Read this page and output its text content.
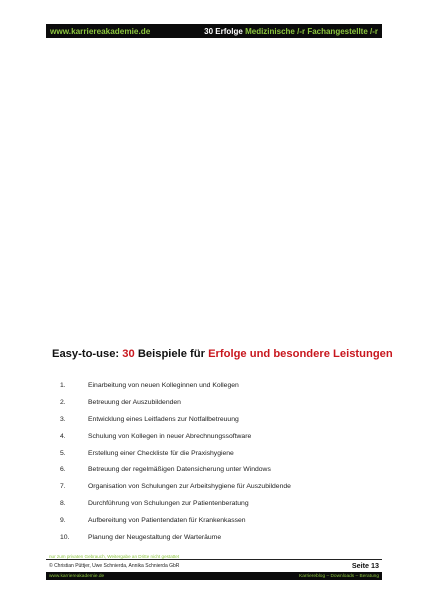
www.karriereakademie.de	30 Erfolge Medizinische /-r Fachangestellte /-r
Easy-to-use: 30 Beispiele für Erfolge und besondere Leistungen
1.	Einarbeitung von neuen Kolleginnen und Kollegen
2.	Betreuung der Auszubildenden
3.	Entwicklung eines Leitfadens zur Notfallbetreuung
4.	Schulung von Kollegen in neuer Abrechnungssoftware
5.	Erstellung einer Checkliste für die Praxishygiene
6.	Betreuung der regelmäßigen Datensicherung unter Windows
7.	Organisation von Schulungen zur Arbeitshygiene für Auszubildende
8.	Durchführung von Schulungen zur Patientenberatung
9.	Aufbereitung von Patientendaten für Krankenkassen
10.	Planung der Neugestaltung der Warteräume
nur zum privaten Gebrauch, Weitergabe an Dritte nicht gestattet
© Christian Püttjer, Uwe Schnierda, Annika Schnierda GbR	Seite 13
www.karriereakademie.de	Karriereblog – Downloads – Beratung
